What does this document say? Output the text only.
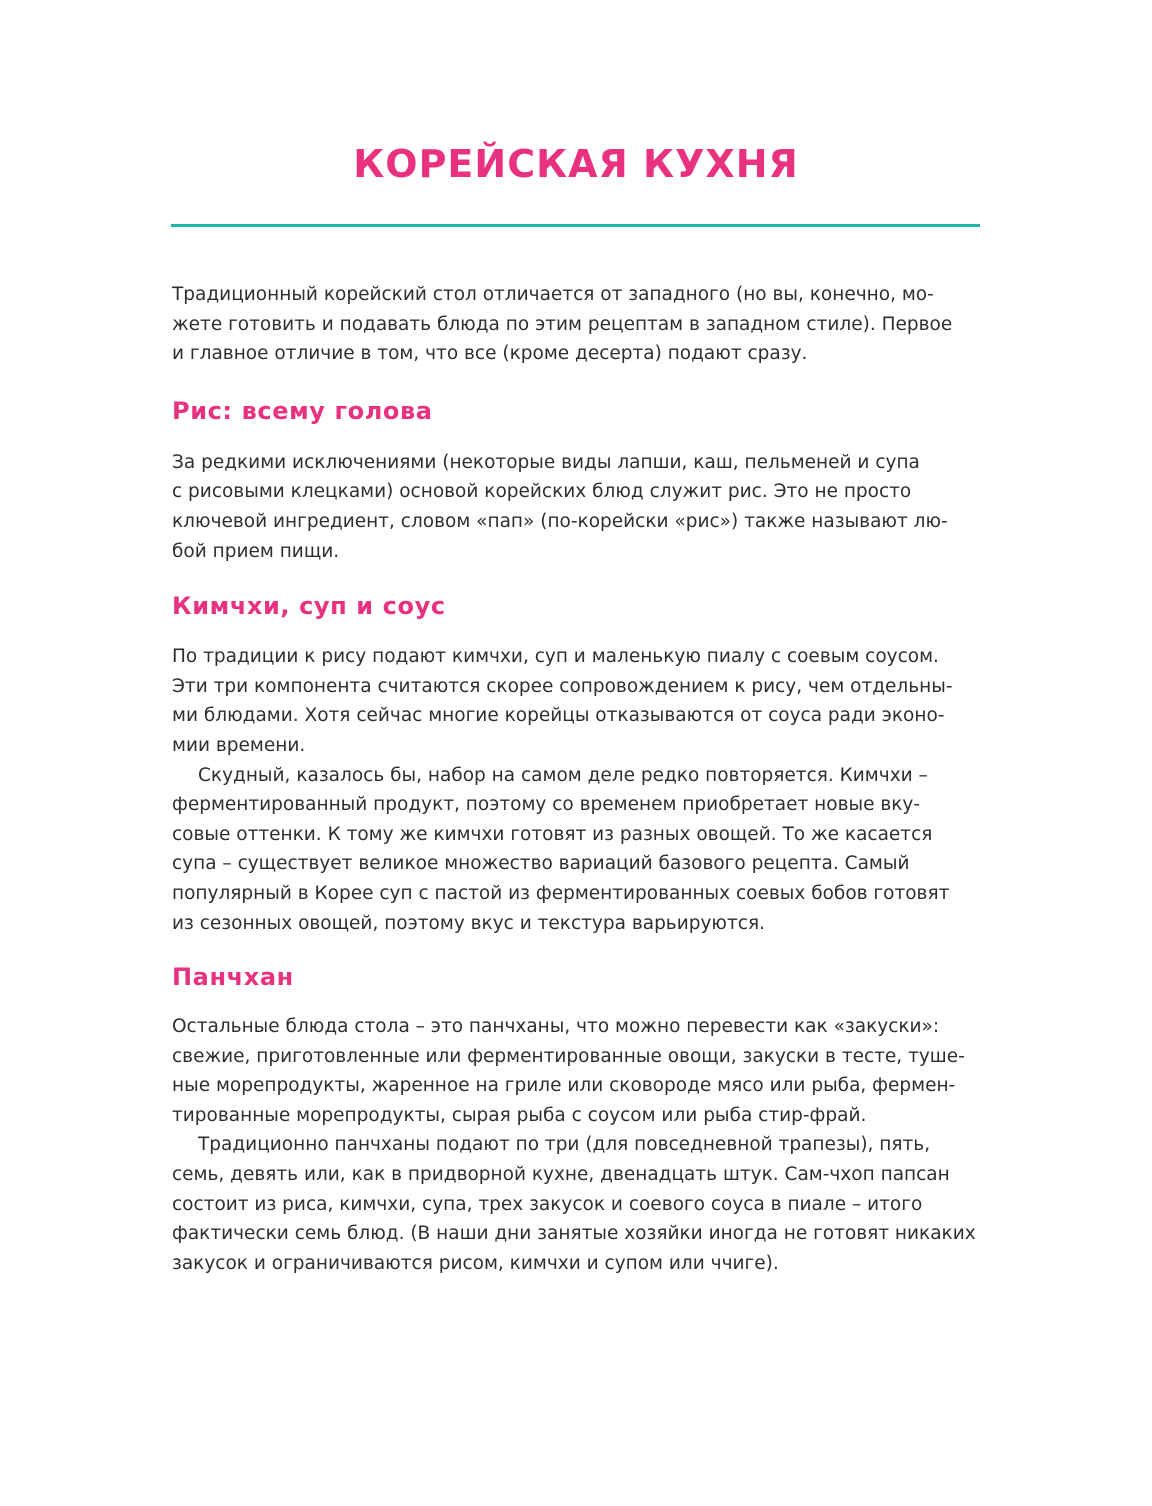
КОРЕЙСКАЯ КУХНЯ
Традиционный корейский стол отличается от западного (но вы, конечно, мо-
жете готовить и подавать блюда по этим рецептам в западном стиле). Первое
и главное отличие в том, что все (кроме десерта) подают сразу.
Рис: всему голова
За редкими исключениями (некоторые виды лапши, каш, пельменей и супа
с рисовыми клецками) основой корейских блюд служит рис. Это не просто
ключевой ингредиент, словом «пап» (по-корейски «рис») также называют лю-
бой прием пищи.
Кимчхи, суп и соус
По традиции к рису подают кимчхи, суп и маленькую пиалу с соевым соусом.
Эти три компонента считаются скорее сопровождением к рису, чем отдельны-
ми блюдами. Хотя сейчас многие корейцы отказываются от соуса ради эконо-
мии времени.
Скудный, казалось бы, набор на самом деле редко повторяется. Кимчхи –
ферментированный продукт, поэтому со временем приобретает новые вку-
совые оттенки. К тому же кимчхи готовят из разных овощей. То же касается
супа – существует великое множество вариаций базового рецепта. Самый
популярный в Корее суп с пастой из ферментированных соевых бобов готовят
из сезонных овощей, поэтому вкус и текстура варьируются.
Панчхан
Остальные блюда стола – это панчханы, что можно перевести как «закуски»:
свежие, приготовленные или ферментированные овощи, закуски в тесте, туше-
ные морепродукты, жаренное на гриле или сковороде мясо или рыба, фермен-
тированные морепродукты, сырая рыба с соусом или рыба стир-фрай.
Традиционно панчханы подают по три (для повседневной трапезы), пять,
семь, девять или, как в придворной кухне, двенадцать штук. Сам-чхоп папсан
состоит из риса, кимчхи, супа, трех закусок и соевого соуса в пиале – итого
фактически семь блюд. (В наши дни занятые хозяйки иногда не готовят никаких
закусок и ограничиваются рисом, кимчхи и супом или ччиге).
